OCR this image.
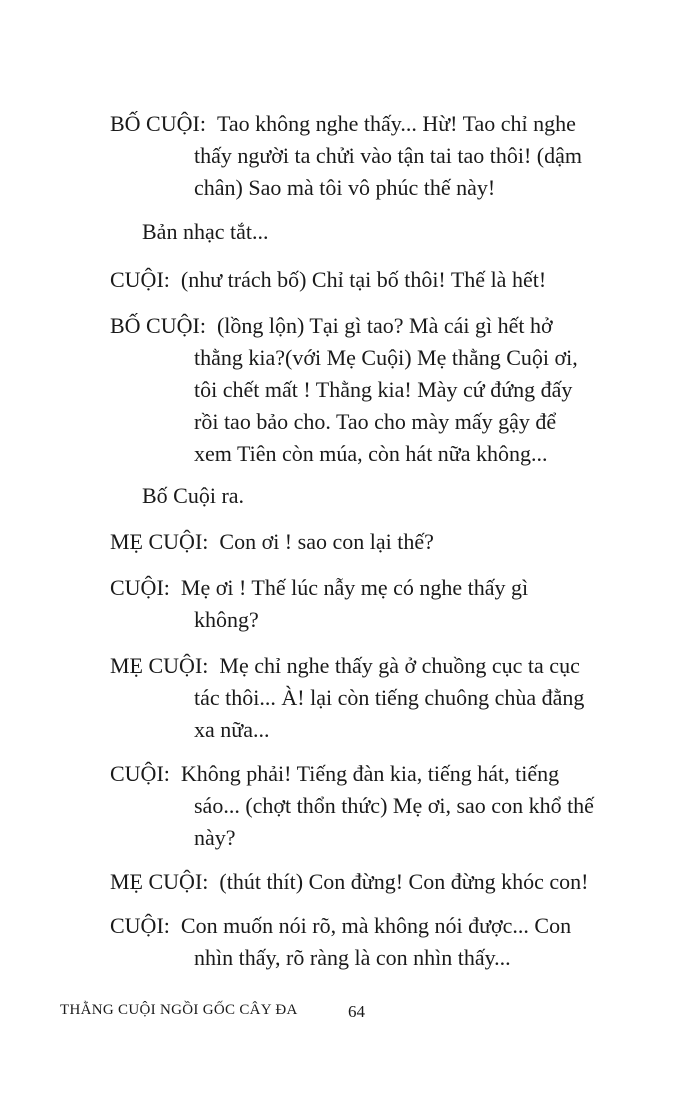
BỐ CUỘI: Tao không nghe thấy... Hừ! Tao chỉ nghe
thấy người ta chửi vào tận tai tao thôi! (dậm
chân) Sao mà tôi vô phúc thế này!
Bản nhạc tắt...
CUỘI: (như trách bố) Chỉ tại bố thôi! Thế là hết!
BỐ CUỘI: (lồng lộn) Tại gì tao? Mà cái gì hết hở
thằng kia?(với Mẹ Cuội) Mẹ thằng Cuội ơi,
tôi chết mất ! Thằng kia! Mày cứ đứng đấy
rồi tao bảo cho. Tao cho mày mấy gậy để
xem Tiên còn múa, còn hát nữa không...
Bố Cuội ra.
MẸ CUỘI: Con ơi ! sao con lại thế?
CUỘI: Mẹ ơi ! Thế lúc nẫy mẹ có nghe thấy gì
không?
MẸ CUỘI: Mẹ chỉ nghe thấy gà ở chuồng cục ta cục
tác thôi... À! lại còn tiếng chuông chùa đằng
xa nữa...
CUỘI: Không phải! Tiếng đàn kia, tiếng hát, tiếng
sáo... (chợt thổn thức) Mẹ ơi, sao con khổ thế
này?
MẸ CUỘI: (thút thít) Con đừng! Con đừng khóc con!
CUỘI: Con muốn nói rõ, mà không nói được... Con
nhìn thấy, rõ ràng là con nhìn thấy...
THẰNG CUỘI NGỒI GỐC CÂY ĐA	64
